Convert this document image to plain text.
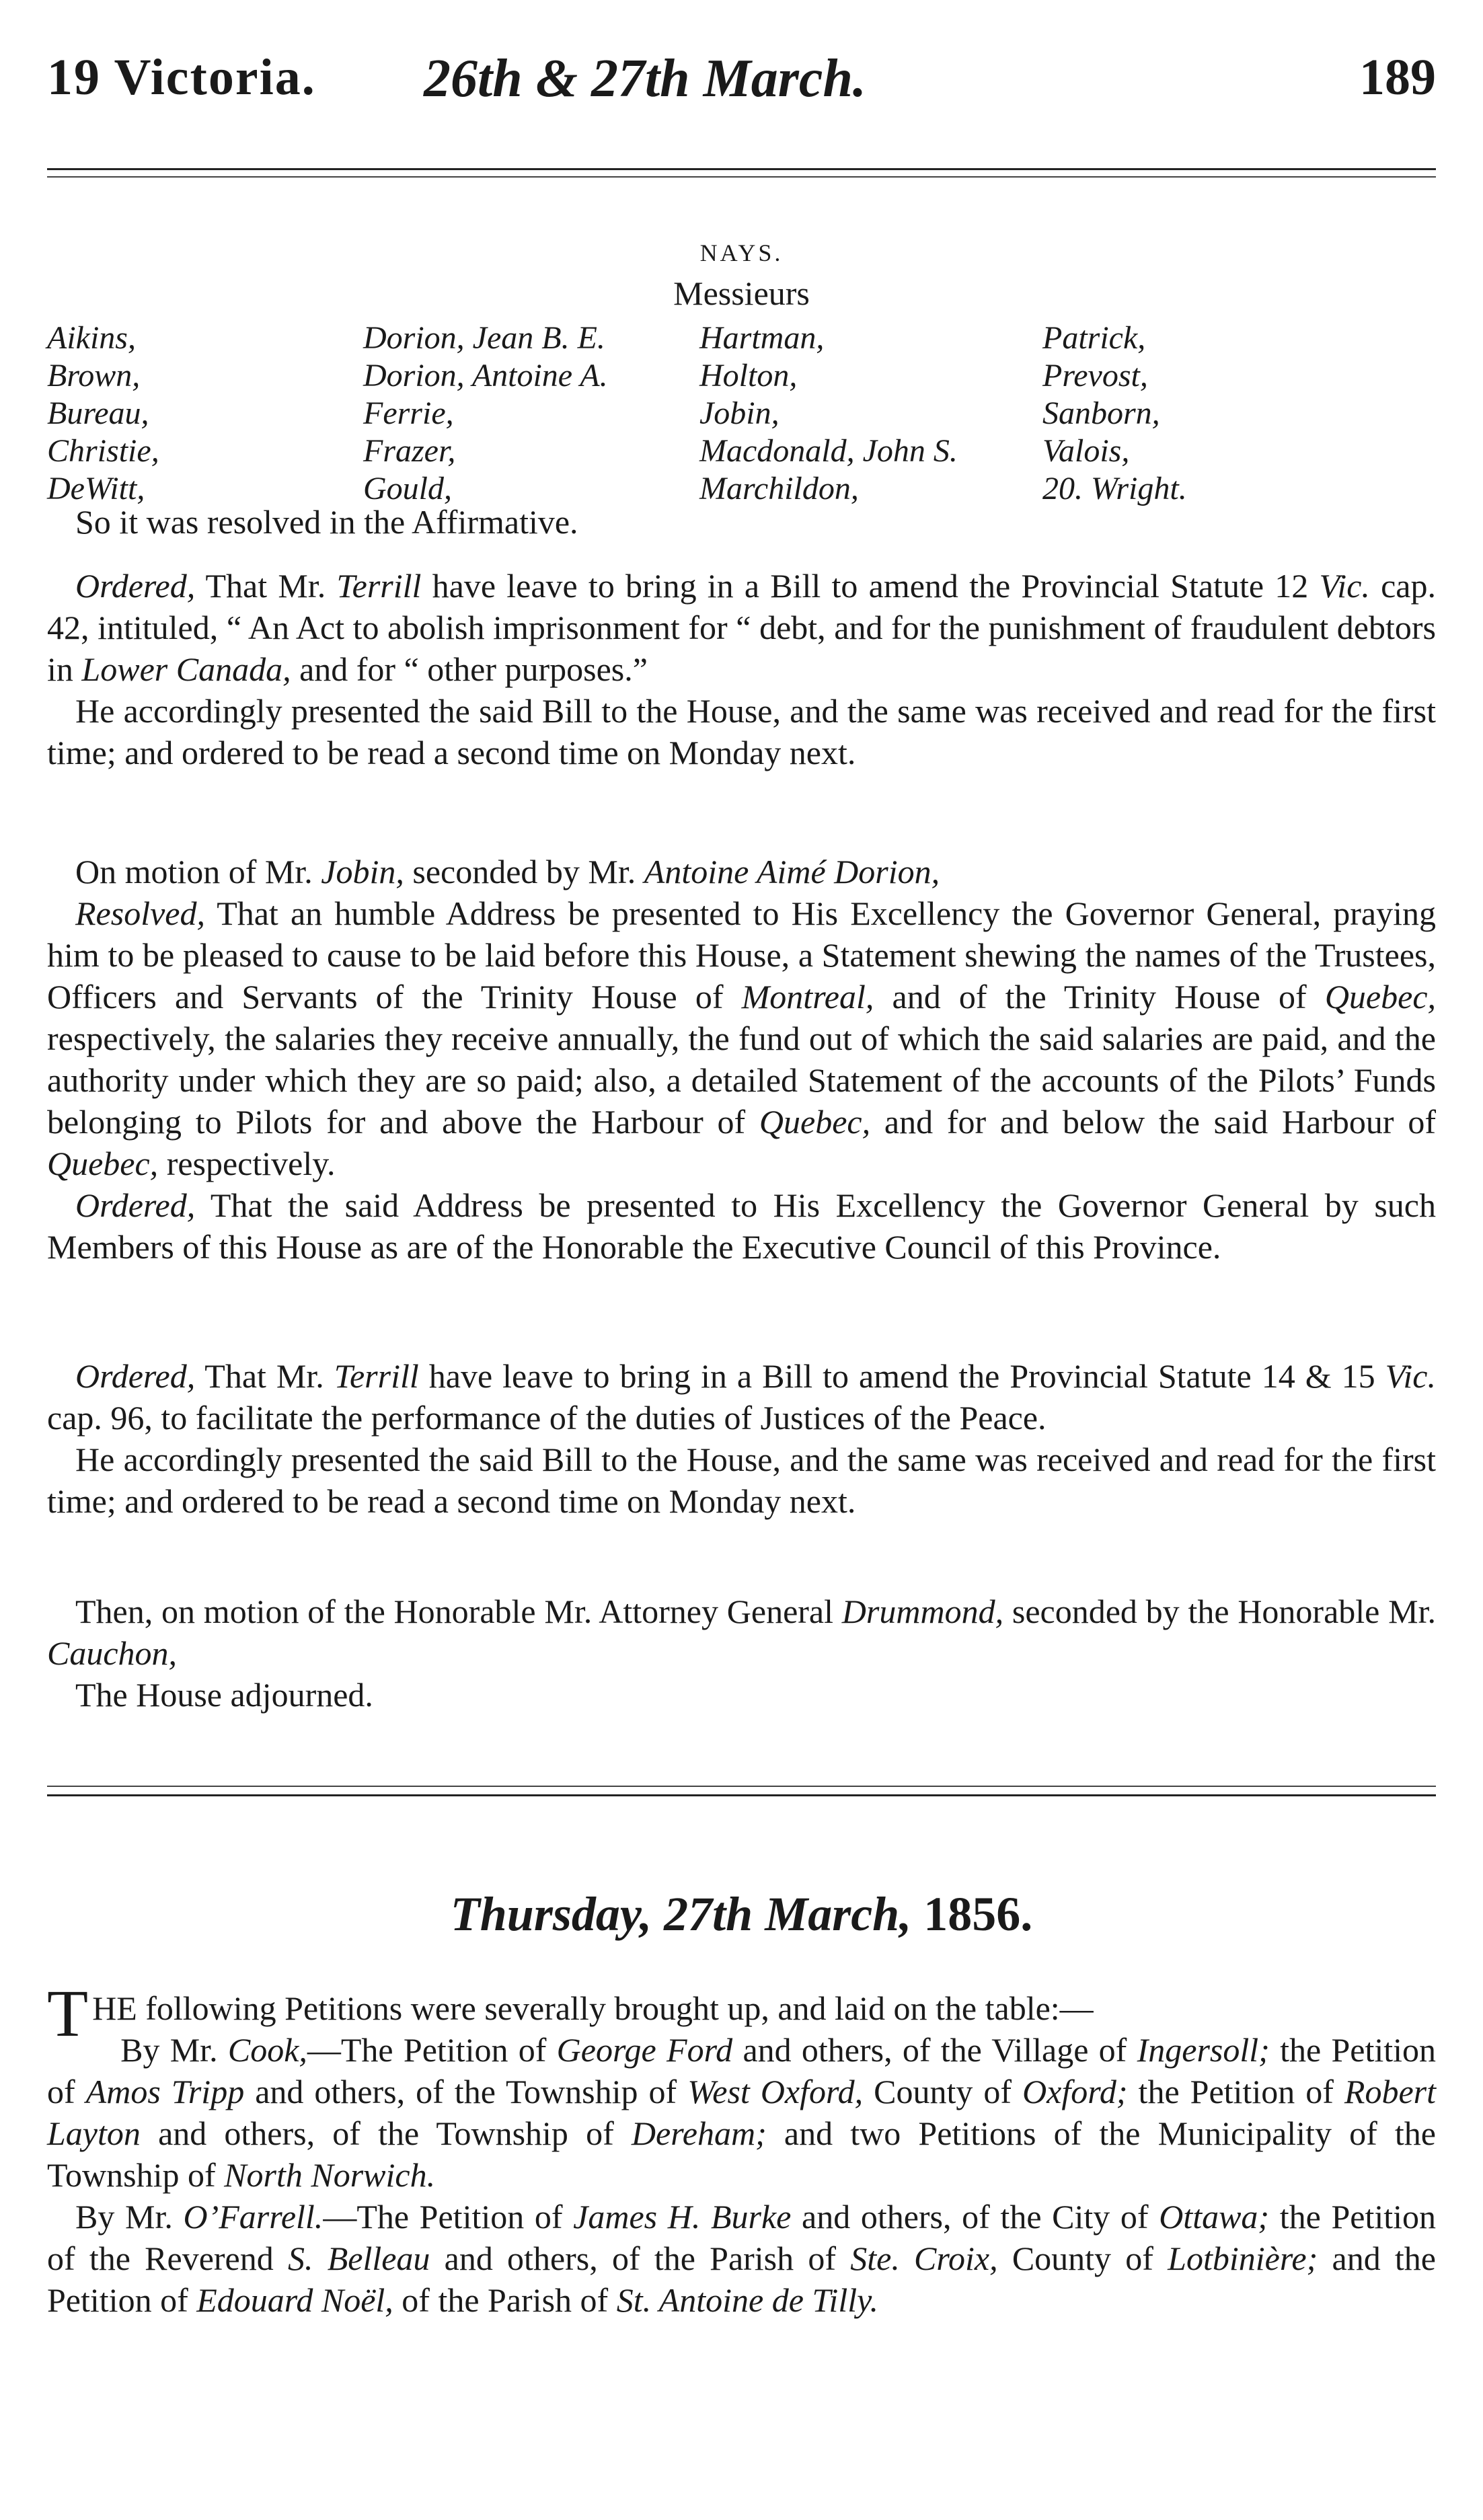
19 Victoria. 26th & 27th March.	189
NAYS.
Messieurs
Aikins,
Brown,
Bureau,
Christie,
DeWitt,
Dorion, Jean B. E.
Dorion, Antoine A.
Ferrie,
Frazer,
Gould,
Hartman,
Holton,
Jobin,
Macdonald, John S.
Marchildon,
Patrick,
Prevost,
Sanborn,
Valois,
20. Wright.

So it was resolved in the Affirmative.

Ordered, That Mr. Terrill have leave to bring in a Bill to amend the Provincial Statute 12 Vic. cap. 42, intituled, “ An Act to abolish imprisonment for “ debt, and for the punishment of fraudulent debtors in Lower Canada, and for “ other purposes.”

He accordingly presented the said Bill to the House, and the same was received and read for the first time; and ordered to be read a second time on Monday next.

On motion of Mr. Jobin, seconded by Mr. Antoine Aimé Dorion,

Resolved, That an humble Address be presented to His Excellency the Governor General, praying him to be pleased to cause to be laid before this House, a Statement shewing the names of the Trustees, Officers and Servants of the Trinity House of Montreal, and of the Trinity House of Quebec, respectively, the salaries they receive annually, the fund out of which the said salaries are paid, and the authority under which they are so paid; also, a detailed Statement of the accounts of the Pilots’ Funds belonging to Pilots for and above the Harbour of Quebec, and for and below the said Harbour of Quebec, respectively.

Ordered, That the said Address be presented to His Excellency the Governor General by such Members of this House as are of the Honorable the Executive Council of this Province.

Ordered, That Mr. Terrill have leave to bring in a Bill to amend the Provincial Statute 14 & 15 Vic. cap. 96, to facilitate the performance of the duties of Justices of the Peace.

He accordingly presented the said Bill to the House, and the same was received and read for the first time; and ordered to be read a second time on Monday next.

Then, on motion of the Honorable Mr. Attorney General Drummond, seconded by the Honorable Mr. Cauchon,

The House adjourned.

Thursday, 27th March, 1856.

THE following Petitions were severally brought up, and laid on the table:—

By Mr. Cook,—The Petition of George Ford and others, of the Village of Ingersoll; the Petition of Amos Tripp and others, of the Township of West Oxford, County of Oxford; the Petition of Robert Layton and others, of the Township of Dereham; and two Petitions of the Municipality of the Township of North Norwich.

By Mr. O’Farrell.—The Petition of James H. Burke and others, of the City of Ottawa; the Petition of the Reverend S. Belleau and others, of the Parish of Ste. Croix, County of Lotbinière; and the Petition of Edouard Noël, of the Parish of St. Antoine de Tilly.
